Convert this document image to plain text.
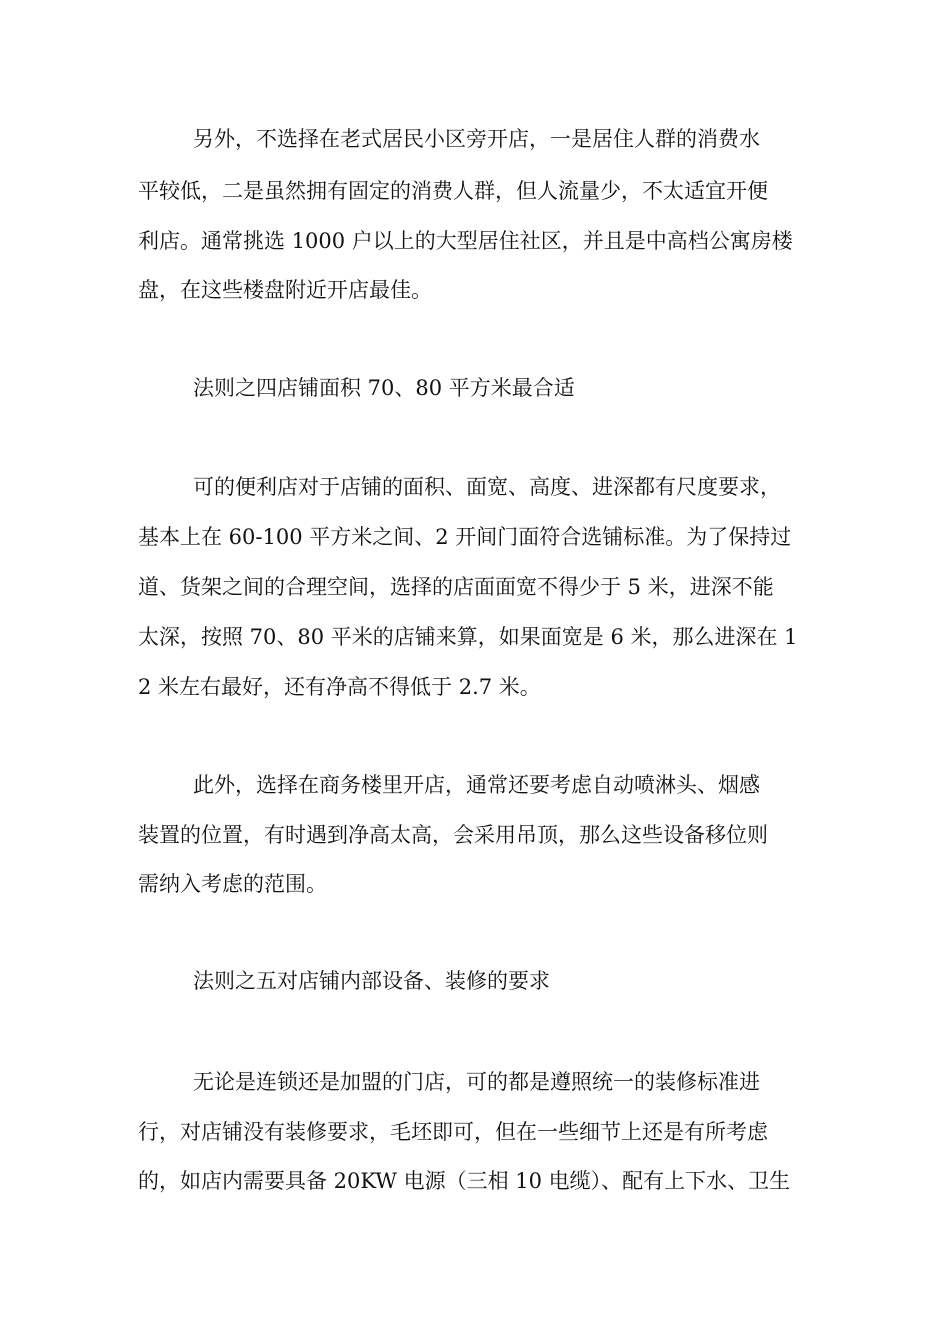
另外，不选择在老式居民小区旁开店，一是居住人群的消费水

平较低，二是虽然拥有固定的消费人群，但人流量少，不太适宜开便

利店。通常挑选 1000 户以上的大型居住社区，并且是中高档公寓房楼

盘，在这些楼盘附近开店最佳。

法则之四店铺面积 70、80 平方米最合适

可的便利店对于店铺的面积、面宽、高度、进深都有尺度要求，

基本上在 60-100 平方米之间、2 开间门面符合选铺标准。为了保持过

道、货架之间的合理空间，选择的店面面宽不得少于 5 米，进深不能

太深，按照 70、80 平米的店铺来算，如果面宽是 6 米，那么进深在 1

2 米左右最好，还有净高不得低于 2.7 米。

此外，选择在商务楼里开店，通常还要考虑自动喷淋头、烟感

装置的位置，有时遇到净高太高，会采用吊顶，那么这些设备移位则

需纳入考虑的范围。

法则之五对店铺内部设备、装修的要求

无论是连锁还是加盟的门店，可的都是遵照统一的装修标准进

行，对店铺没有装修要求，毛坯即可，但在一些细节上还是有所考虑

的，如店内需要具备 20KW 电源（三相 10 电缆）、配有上下水、卫生
